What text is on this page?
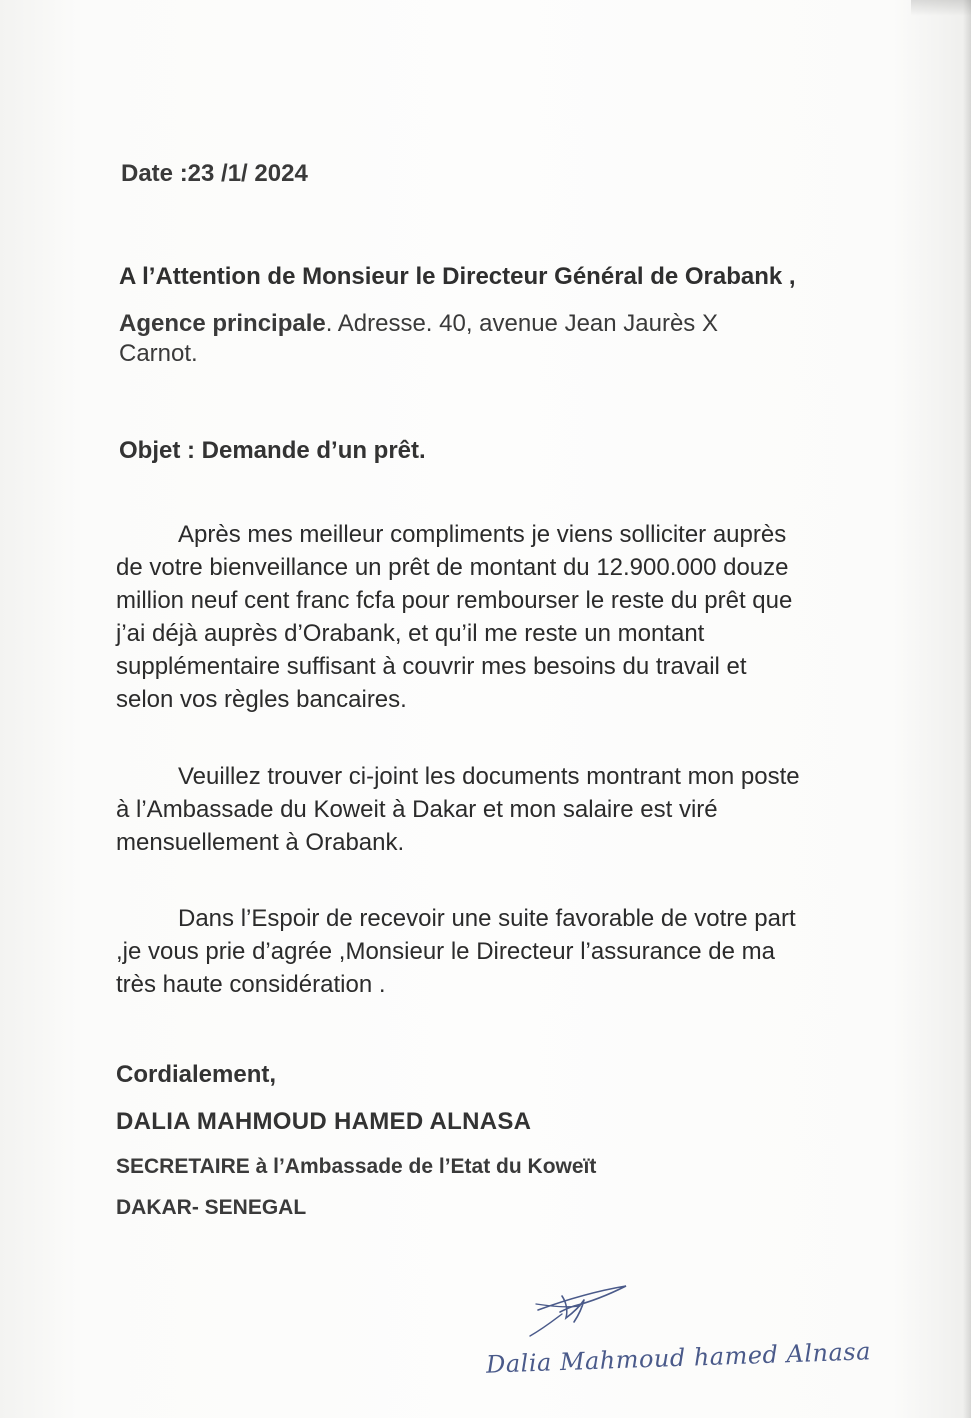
Date :23 /1/ 2024

A l’Attention de Monsieur le Directeur Général de Orabank ,

Agence principale. Adresse. 40, avenue Jean Jaurès X
Carnot.

Objet : Demande d’un prêt.

Après mes meilleur compliments je viens solliciter auprès
de votre bienveillance un prêt de montant du 12.900.000 douze
million neuf cent franc fcfa pour rembourser le reste du prêt que
j’ai déjà auprès d’Orabank, et qu’il me reste un montant
supplémentaire suffisant à couvrir mes besoins du travail et
selon vos règles bancaires.
Veuillez trouver ci-joint les documents montrant mon poste
à l’Ambassade du Koweit à Dakar et mon salaire est viré
mensuellement à Orabank.
Dans l’Espoir de recevoir une suite favorable de votre part
,je vous prie d’agrée ,Monsieur le Directeur l’assurance de ma
très haute considération .

Cordialement,

DALIA MAHMOUD HAMED ALNASA

SECRETAIRE à l’Ambassade de l’Etat du Koweït

DAKAR- SENEGAL

Dalia Mahmoud hamed Alnasa
